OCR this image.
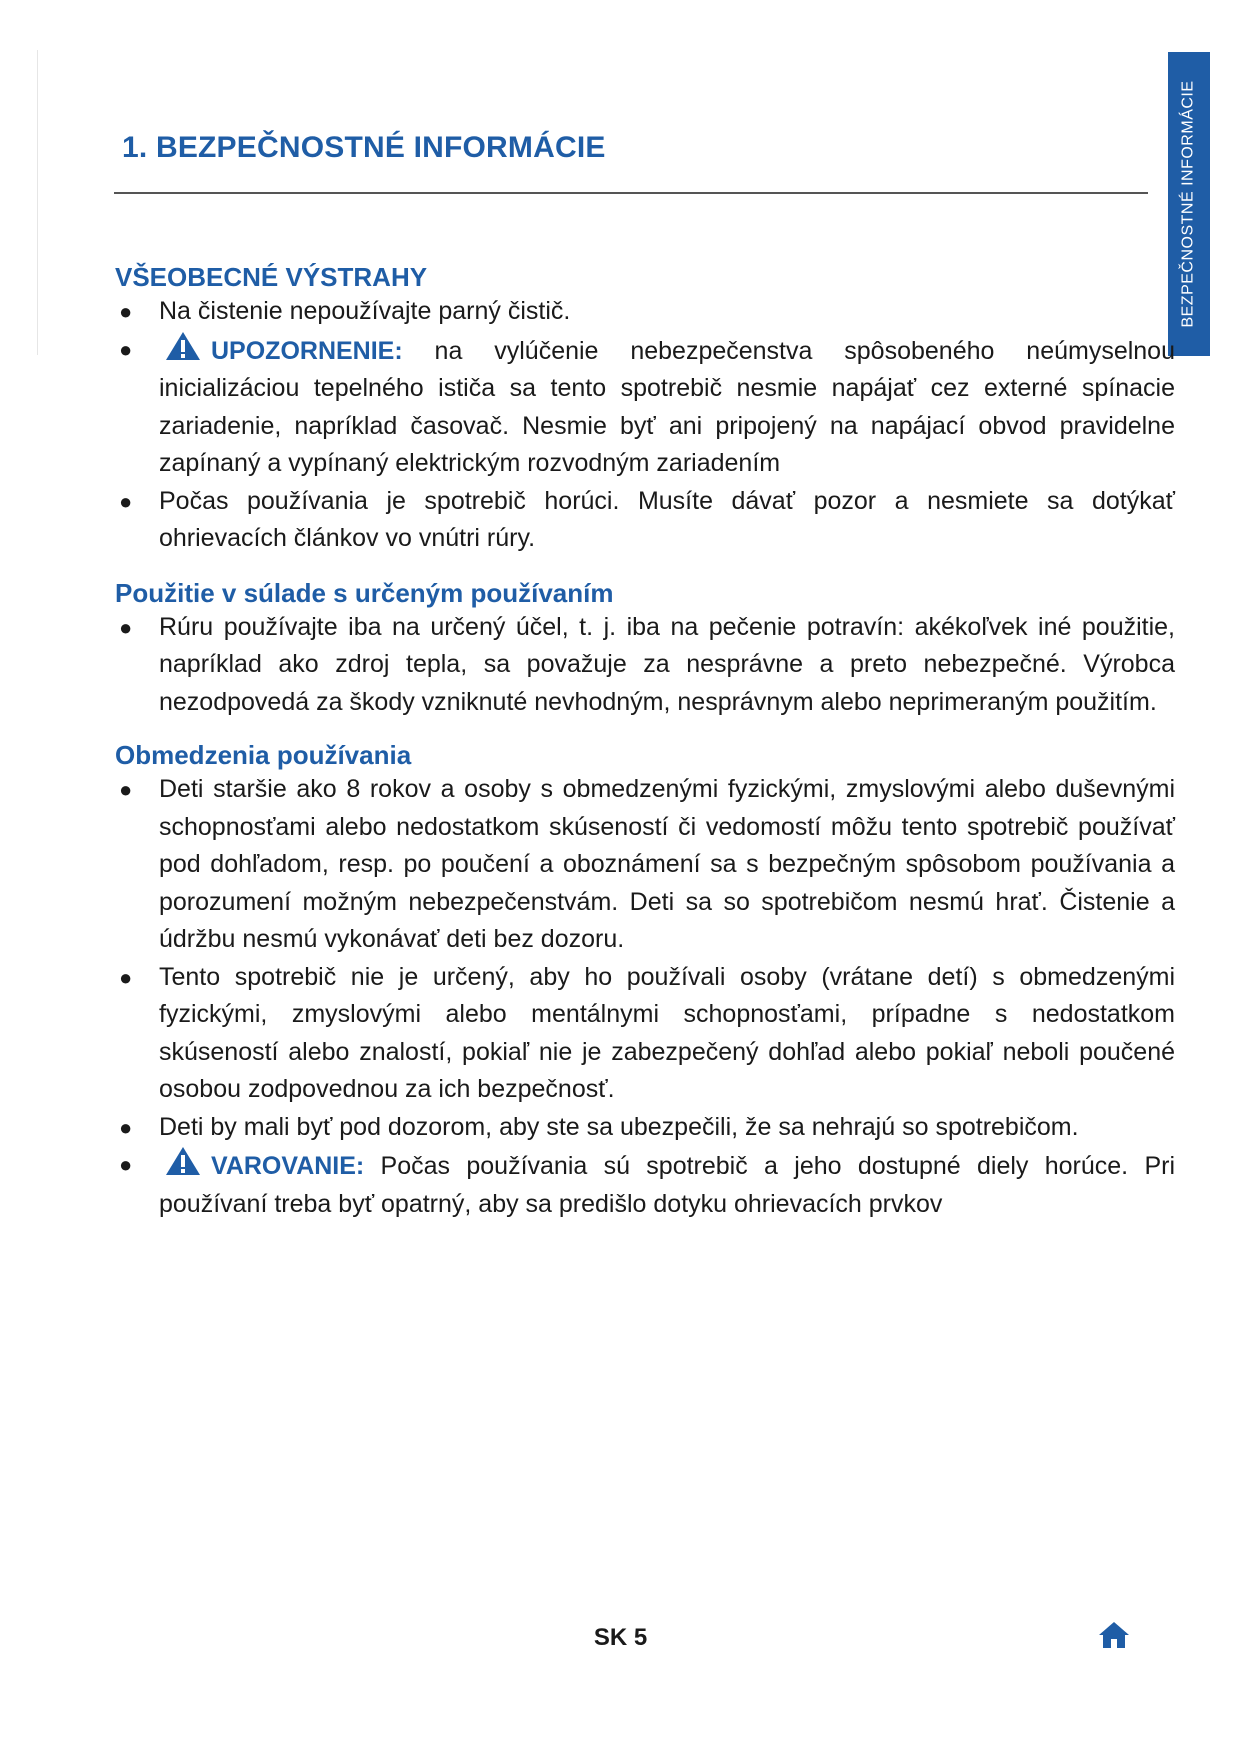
BEZPEČNOSTNÉ INFORMÁCIE
1. BEZPEČNOSTNÉ INFORMÁCIE
VŠEOBECNÉ VÝSTRAHY
● Na čistenie nepoužívajte parný čistič.
●	UPOZORNENIE: na vylúčenie nebezpečenstva spôsobeného neúmyselnou inicializáciou tepelného ističa sa tento spotrebič nesmie napájať cez externé spínacie zariadenie, napríklad časovač. Nesmie byť ani pripojený na napájací obvod pravidelne zapínaný a vypínaný elektrickým rozvodným zariadením
● Počas používania je spotrebič horúci. Musíte dávať pozor a nesmiete sa dotýkať ohrievacích článkov vo vnútri rúry.
Použitie v súlade s určeným používaním
● Rúru používajte iba na určený účel, t. j. iba na pečenie potravín: akékoľvek iné použitie, napríklad ako zdroj tepla, sa považuje za nesprávne a preto nebezpečné. Výrobca nezodpovedá za škody vzniknuté nevhodným, nesprávnym alebo neprimeraným použitím.
Obmedzenia používania
● Deti staršie ako 8 rokov a osoby s obmedzenými fyzickými, zmyslovými alebo duševnými schopnosťami alebo nedostatkom skúseností či vedomostí môžu tento spotrebič používať pod dohľadom, resp. po poučení a oboznámení sa s bezpečným spôsobom používania a porozumení možným nebezpečenstvám. Deti sa so spotrebičom nesmú hrať. Čistenie a údržbu nesmú vykonávať deti bez dozoru.
● Tento spotrebič nie je určený, aby ho používali osoby (vrátane detí) s obmedzenými fyzickými, zmyslovými alebo mentálnymi schopnosťami, prípadne s nedostatkom skúseností alebo znalostí, pokiaľ nie je zabezpečený dohľad alebo pokiaľ neboli poučené osobou zodpovednou za ich bezpečnosť.
● Deti by mali byť pod dozorom, aby ste sa ubezpečili, že sa nehrajú so spotrebičom.
●	VAROVANIE: Počas používania sú spotrebič a jeho dostupné diely horúce. Pri používaní treba byť opatrný, aby sa predišlo dotyku ohrievacích prvkov
SK 5
